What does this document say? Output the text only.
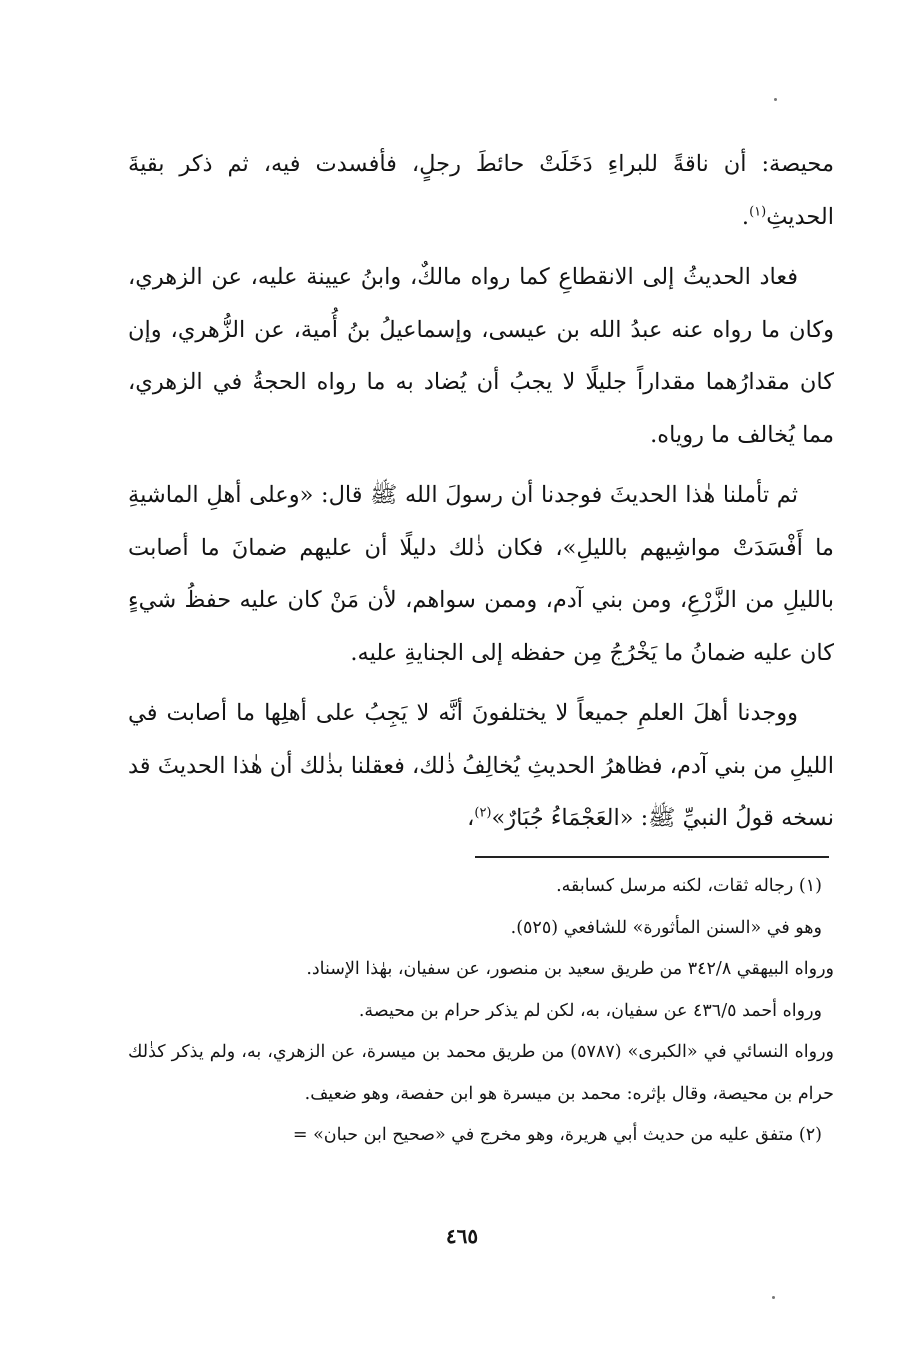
محيصة: أن ناقةً للبراءِ دَخَلَتْ حائطَ رجلٍ، فأفسدت فيه، ثم ذكر بقيةَ الحديثِ$^{(١)}$.

فعاد الحديثُ إلى الانقطاعِ كما رواه مالكٌ، وابنُ عيينة عليه، عن الزهري، وكان ما رواه عنه عبدُ الله بن عيسى، وإسماعيلُ بنُ أُمية، عن الزُّهري، وإن كان مقدارُهما مقداراً جليلًا لا يجبُ أن يُضاد به ما رواه الحجةُ في الزهري، مما يُخالف ما روياه.

ثم تأملنا هٰذا الحديثَ فوجدنا أن رسولَ الله ﷺ قال: «وعلى أهلِ الماشيةِ ما أَفْسَدَتْ مواشِيهم بالليلِ»، فكان ذٰلك دليلًا أن عليهم ضمانَ ما أصابت بالليلِ من الزَّرْعِ، ومن بني آدم، وممن سواهم، لأن مَنْ كان عليه حفظُ شيءٍ كان عليه ضمانُ ما يَخْرُجُ مِن حفظه إلى الجنايةِ عليه.

ووجدنا أهلَ العلمِ جميعاً لا يختلفونَ أنَّه لا يَجِبُ على أهلِها ما أصابت في الليلِ من بني آدم، فظاهرُ الحديثِ يُخالِفُ ذٰلك، فعقلنا بذٰلك أن هٰذا الحديثَ قد نسخه قولُ النبيِّ ﷺ: «العَجْمَاءُ جُبَارٌ»$^{(٢)}$،

(١) رجاله ثقات، لكنه مرسل كسابقه.

وهو في «السنن المأثورة» للشافعي (٥٢٥).

ورواه البيهقي ٣٤٢/٨ من طريق سعيد بن منصور، عن سفيان، بهٰذا الإسناد.

ورواه أحمد ٤٣٦/٥ عن سفيان، به، لكن لم يذكر حرام بن محيصة.

ورواه النسائي في «الكبرى» (٥٧٨٧) من طريق محمد بن ميسرة، عن الزهري، به، ولم يذكر كذٰلك حرام بن محيصة، وقال بإثره: محمد بن ميسرة هو ابن حفصة، وهو ضعيف.

(٢) متفق عليه من حديث أبي هريرة، وهو مخرج في «صحيح ابن حبان» =

٤٦٥
